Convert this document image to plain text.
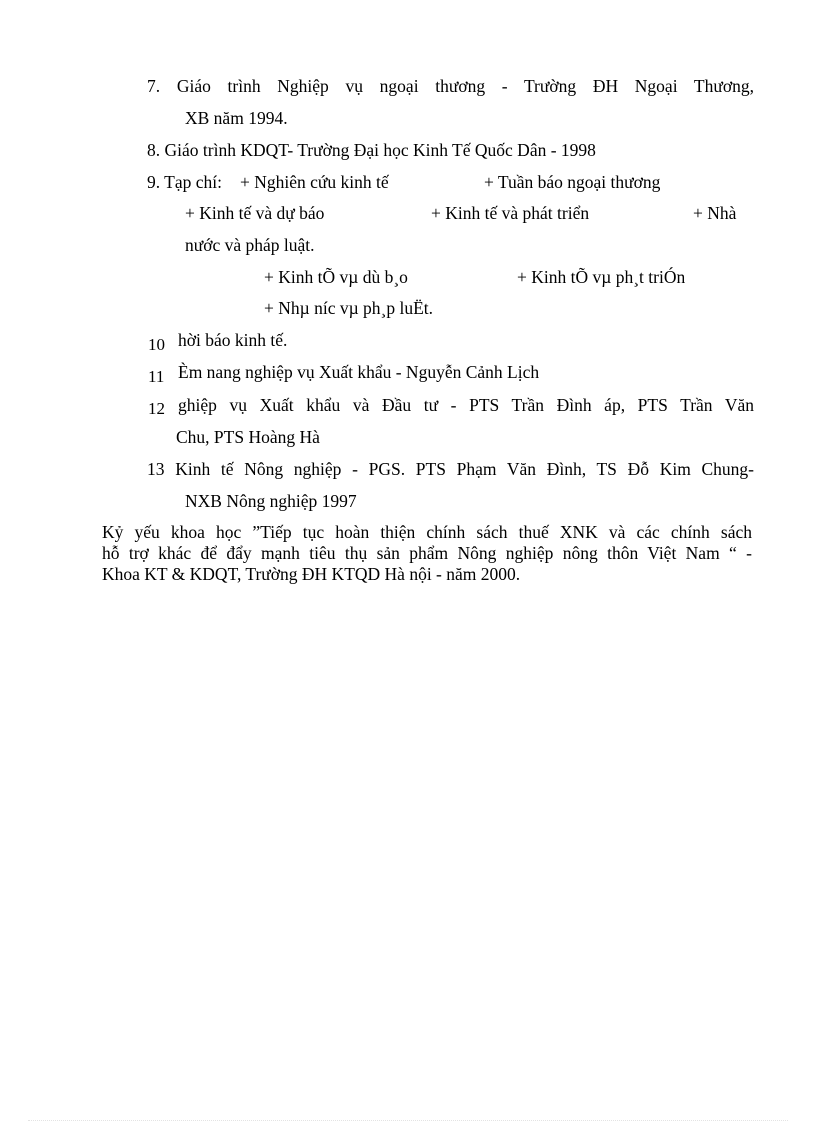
7. Giáo trình Nghiệp vụ ngoại thương - Trường ĐH Ngoại Thương,
XB năm 1994.
8. Giáo trình KDQT- Trường Đại học Kinh Tế Quốc Dân - 1998
9. Tạp chí: + Nghiên cứu kinh tế	+ Tuần báo ngoại thương
+ Kinh tế và dự báo	+ Kinh tế và phát triển	+ Nhà
nước và pháp luật.
+ Kinh tÕ vµ dù b¸o	+ Kinh tÕ vµ ph¸t triÓn
+ Nhµ níc vµ ph¸p luËt.
10 hời báo kinh tế.
11 Èm nang nghiệp vụ Xuất khẩu - Nguyễn Cảnh Lịch
12 ghiệp vụ Xuất khẩu và Đầu tư - PTS Trần Đình áp, PTS Trần Văn
Chu, PTS Hoàng Hà
13 Kinh tế Nông nghiệp - PGS. PTS Phạm Văn Đình, TS Đỗ Kim Chung-
NXB Nông nghiệp 1997
Kỷ yếu khoa học ”Tiếp tục hoàn thiện chính sách thuế XNK và các chính sách
hỗ trợ khác để đẩy mạnh tiêu thụ sản phẩm Nông nghiệp nông thôn Việt Nam “ -
Khoa KT & KDQT, Trường ĐH KTQD Hà nội - năm 2000.
